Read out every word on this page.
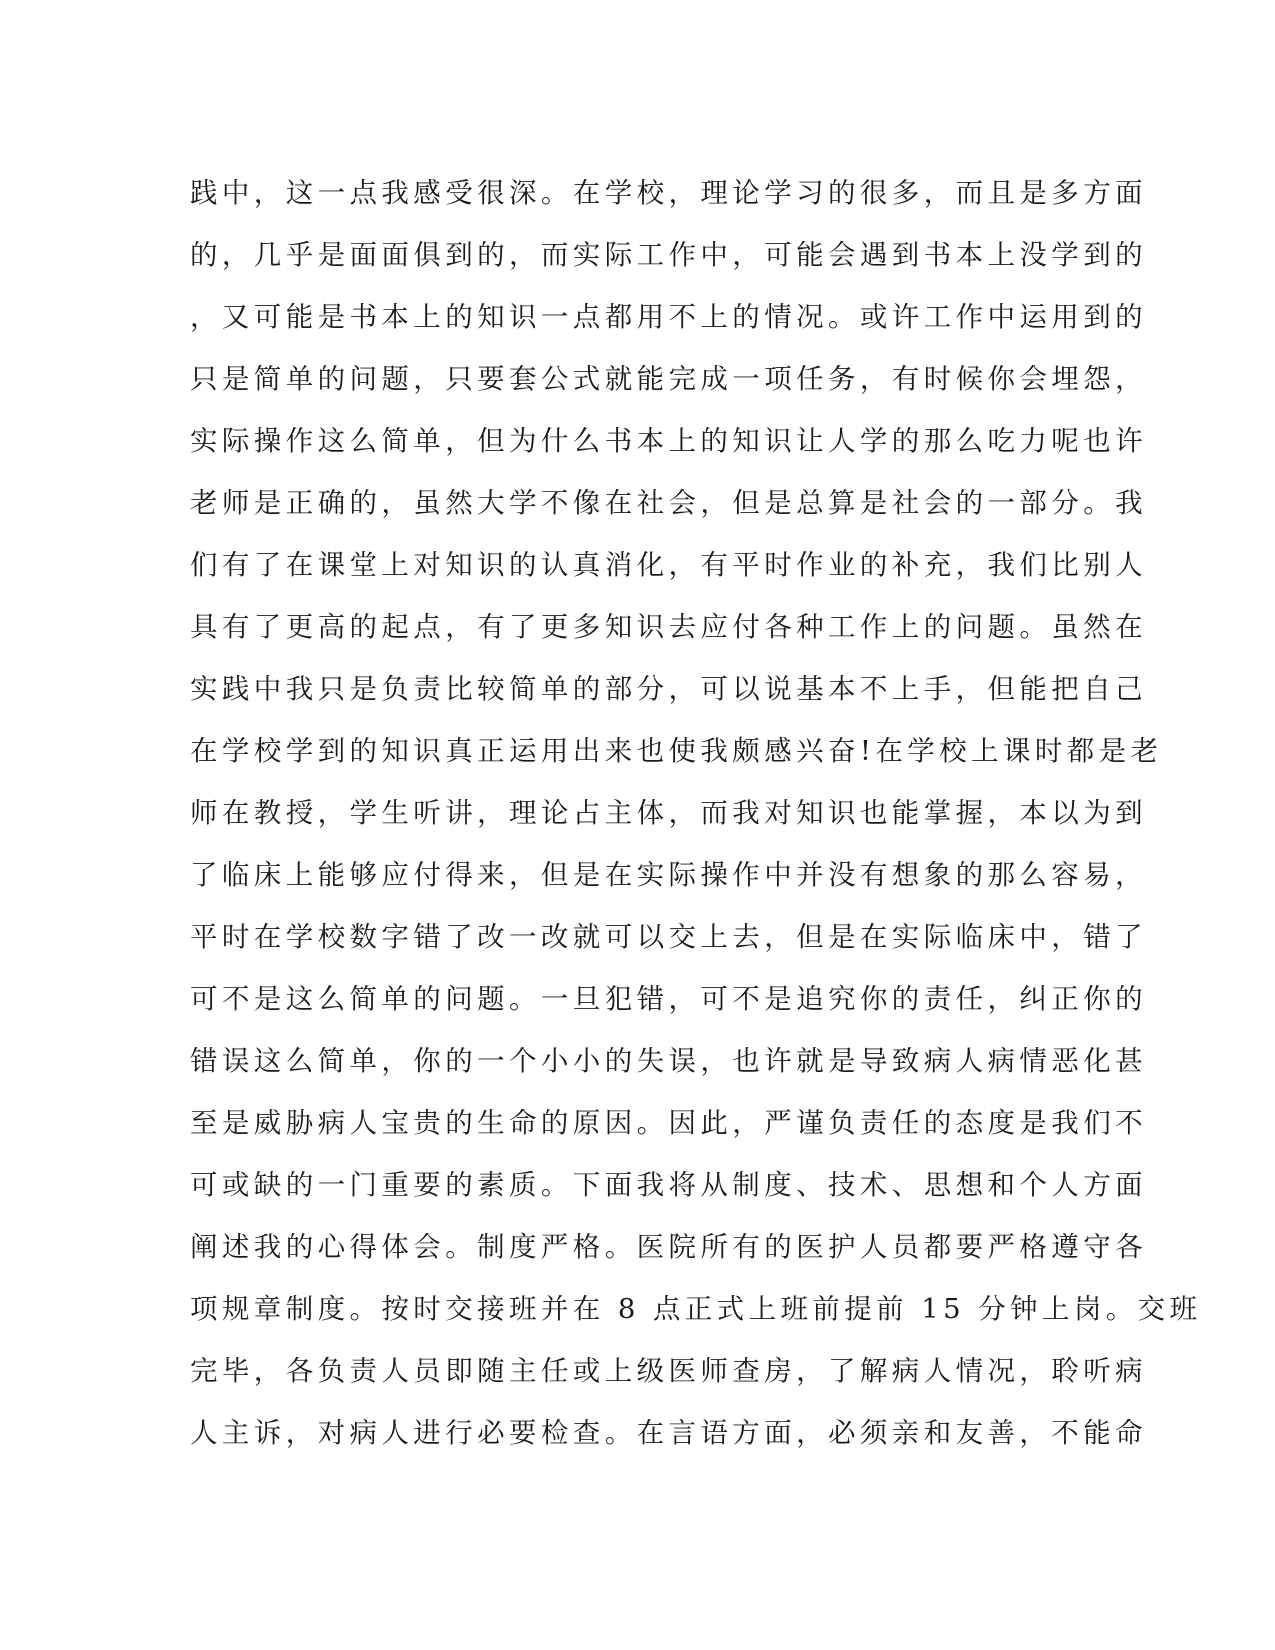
践中，这一点我感受很深。在学校，理论学习的很多，而且是多方面
的，几乎是面面俱到的，而实际工作中，可能会遇到书本上没学到的
，又可能是书本上的知识一点都用不上的情况。或许工作中运用到的
只是简单的问题，只要套公式就能完成一项任务，有时候你会埋怨，
实际操作这么简单，但为什么书本上的知识让人学的那么吃力呢也许
老师是正确的，虽然大学不像在社会，但是总算是社会的一部分。我
们有了在课堂上对知识的认真消化，有平时作业的补充，我们比别人
具有了更高的起点，有了更多知识去应付各种工作上的问题。虽然在
实践中我只是负责比较简单的部分，可以说基本不上手，但能把自己
在学校学到的知识真正运用出来也使我颇感兴奋!在学校上课时都是老
师在教授，学生听讲，理论占主体，而我对知识也能掌握，本以为到
了临床上能够应付得来，但是在实际操作中并没有想象的那么容易，
平时在学校数字错了改一改就可以交上去，但是在实际临床中，错了
可不是这么简单的问题。一旦犯错，可不是追究你的责任，纠正你的
错误这么简单，你的一个小小的失误，也许就是导致病人病情恶化甚
至是威胁病人宝贵的生命的原因。因此，严谨负责任的态度是我们不
可或缺的一门重要的素质。下面我将从制度、技术、思想和个人方面
阐述我的心得体会。制度严格。医院所有的医护人员都要严格遵守各
项规章制度。按时交接班并在 8 点正式上班前提前 15 分钟上岗。交班
完毕，各负责人员即随主任或上级医师查房，了解病人情况，聆听病
人主诉，对病人进行必要检查。在言语方面，必须亲和友善，不能命
